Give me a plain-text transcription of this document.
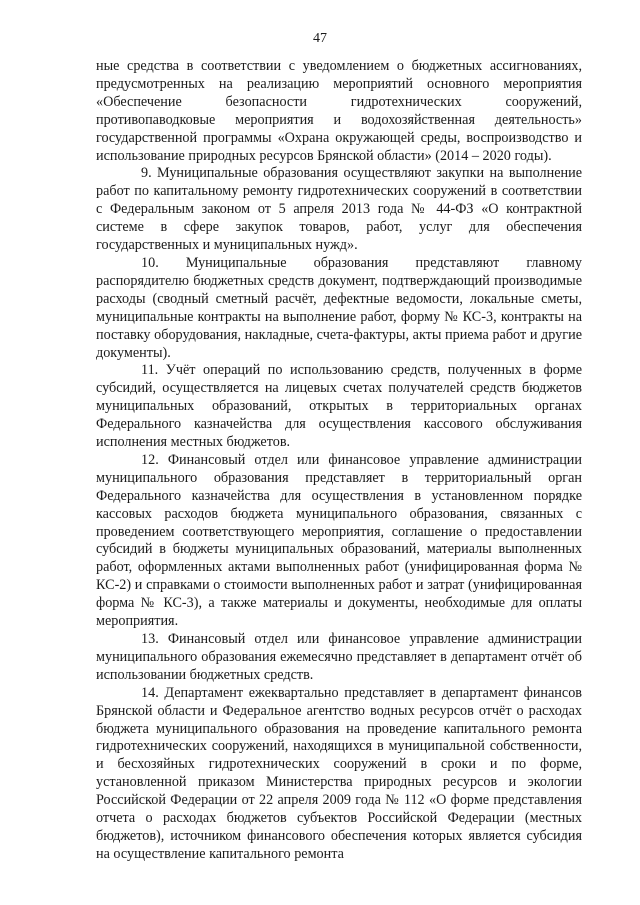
47

ные средства в соответствии с уведомлением о бюджетных ассигнованиях, предусмотренных на реализацию мероприятий основного мероприятия «Обеспечение безопасности гидротехнических сооружений, противопаводковые мероприятия и водохозяйственная деятельность» государственной программы «Охрана окружающей среды, воспроизводство и использование природных ресурсов Брянской области» (2014 – 2020 годы).

9. Муниципальные образования осуществляют закупки на выполнение работ по капитальному ремонту гидротехнических сооружений в соответствии с Федеральным законом от 5 апреля 2013 года № 44-ФЗ «О контрактной системе в сфере закупок товаров, работ, услуг для обеспечения государственных и муниципальных нужд».

10. Муниципальные образования представляют главному распорядителю бюджетных средств документ, подтверждающий производимые расходы (сводный сметный расчёт, дефектные ведомости, локальные сметы, муниципальные контракты на выполнение работ, форму № КС-3, контракты на поставку оборудования, накладные, счета-фактуры, акты приема работ и другие документы).

11. Учёт операций по использованию средств, полученных в форме субсидий, осуществляется на лицевых счетах получателей средств бюджетов муниципальных образований, открытых в территориальных органах Федерального казначейства для осуществления кассового обслуживания исполнения местных бюджетов.

12. Финансовый отдел или финансовое управление администрации муниципального образования представляет в территориальный орган Федерального казначейства для осуществления в установленном порядке кассовых расходов бюджета муниципального образования, связанных с проведением соответствующего мероприятия, соглашение о предоставлении субсидий в бюджеты муниципальных образований, материалы выполненных работ, оформленных актами выполненных работ (унифицированная форма № КС-2) и справками о стоимости выполненных работ и затрат (унифицированная форма № КС-3), а также материалы и документы, необходимые для оплаты мероприятия.

13. Финансовый отдел или финансовое управление администрации муниципального образования ежемесячно представляет в департамент отчёт об использовании бюджетных средств.

14. Департамент ежеквартально представляет в департамент финансов Брянской области и Федеральное агентство водных ресурсов отчёт о расходах бюджета муниципального образования на проведение капитального ремонта гидротехнических сооружений, находящихся в муниципальной собственности, и бесхозяйных гидротехнических сооружений в сроки и по форме, установленной приказом Министерства природных ресурсов и экологии Российской Федерации от 22 апреля 2009 года № 112 «О форме представления отчета о расходах бюджетов субъектов Российской Федерации (местных бюджетов), источником финансового обеспечения которых является субсидия на осуществление капитального ремонта
